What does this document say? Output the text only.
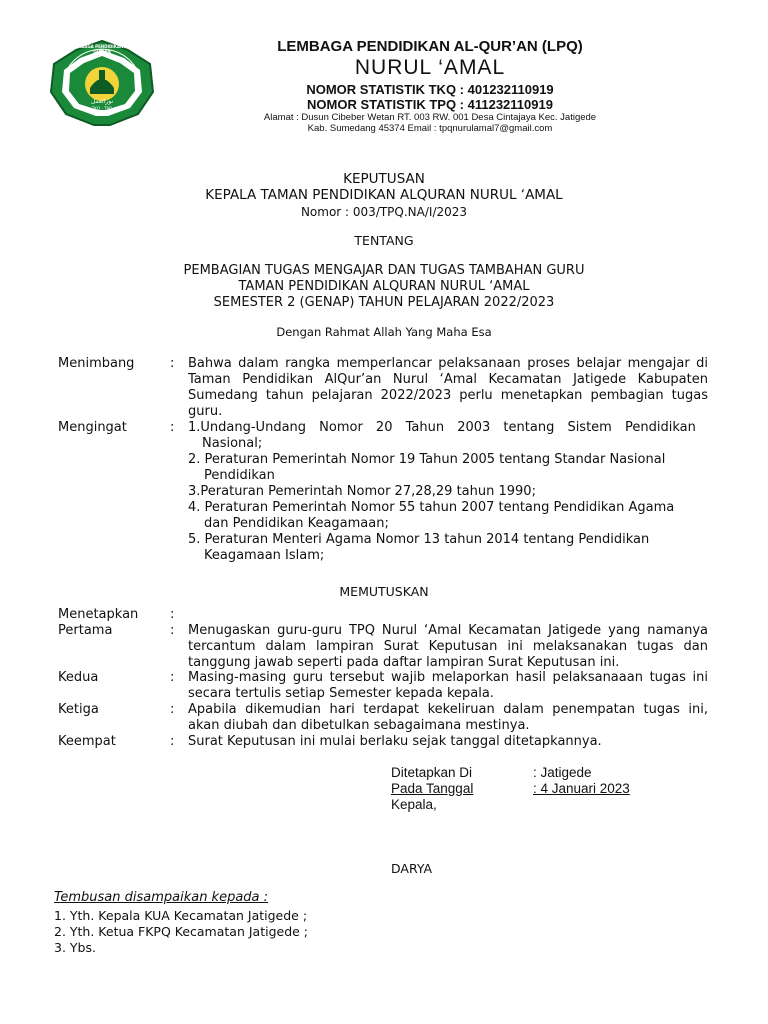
LEMBAGA PENDIDIKAN AL-QUR'AN
نورالعمل
TKQ - TPQ
LEMBAGA PENDIDIKAN AL-QUR’AN (LPQ)
NURUL ‘AMAL
NOMOR STATISTIK TKQ : 401232110919
NOMOR STATISTIK TPQ : 411232110919
Alamat : Dusun Cibeber Wetan RT. 003 RW. 001 Desa Cintajaya Kec. Jatigede
Kab. Sumedang 45374 Email : tpqnurulamal7@gmail.com
KEPUTUSAN
KEPALA TAMAN PENDIDIKAN ALQURAN NURUL ‘AMAL
Nomor : 003/TPQ.NA/I/2023
TENTANG
PEMBAGIAN TUGAS MENGAJAR DAN TUGAS TAMBAHAN GURU
TAMAN PENDIDIKAN ALQURAN NURUL ‘AMAL
SEMESTER 2 (GENAP) TAHUN PELAJARAN 2022/2023
Dengan Rahmat Allah Yang Maha Esa
Menimbang	: Bahwa dalam rangka memperlancar pelaksanaan proses belajar mengajar di Taman Pendidikan AlQur’an Nurul ‘Amal Kecamatan Jatigede Kabupaten Sumedang tahun pelajaran 2022/2023 perlu menetapkan pembagian tugas guru.
Mengingat	: 1.Undang-Undang Nomor 20 Tahun 2003 tentang Sistem Pendidikan
Nasional;
2. Peraturan Pemerintah Nomor 19 Tahun 2005 tentang Standar Nasional
Pendidikan
3.Peraturan Pemerintah Nomor 27,28,29 tahun 1990;
4. Peraturan Pemerintah Nomor 55 tahun 2007 tentang Pendidikan Agama
dan Pendidikan Keagamaan;
5. Peraturan Menteri Agama Nomor 13 tahun 2014 tentang Pendidikan
Keagamaan Islam;
MEMUTUSKAN
Menetapkan :
Pertama	: Menugaskan guru-guru TPQ Nurul ‘Amal Kecamatan Jatigede yang namanya tercantum dalam lampiran Surat Keputusan ini melaksanakan tugas dan tanggung jawab seperti pada daftar lampiran Surat Keputusan ini.
Kedua	: Masing-masing guru tersebut wajib melaporkan hasil pelaksanaaan tugas ini secara tertulis setiap Semester kepada kepala.
Ketiga	: Apabila dikemudian hari terdapat kekeliruan dalam penempatan tugas ini, akan diubah dan dibetulkan sebagaimana mestinya.
Keempat	: Surat Keputusan ini mulai berlaku sejak tanggal ditetapkannya.
Ditetapkan Di	: Jatigede
Pada Tanggal	: 4 Januari 2023
Kepala,
DARYA
Tembusan disampaikan kepada :
1. Yth. Kepala KUA Kecamatan Jatigede ;
2. Yth. Ketua FKPQ Kecamatan Jatigede ;
3. Ybs.
